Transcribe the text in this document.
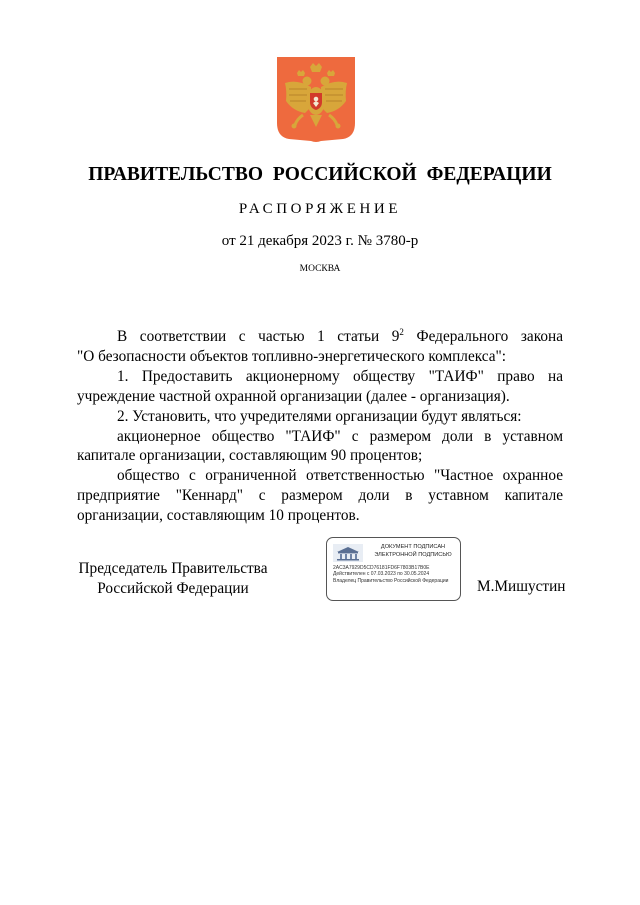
ПРАВИТЕЛЬСТВО РОССИЙСКОЙ ФЕДЕРАЦИИ
РАСПОРЯЖЕНИЕ
от 21 декабря 2023 г. № 3780-р
МОСКВА

В соответствии с частью 1 статьи $9^2$ Федерального закона

"О безопасности объектов топливно-энергетического комплекса":

1. Предоставить акционерному обществу "ТАИФ" право на учреждение частной охранной организации (далее - организация).

2. Установить, что учредителями организации будут являться:

акционерное общество "ТАИФ" с размером доли в уставном капитале организации, составляющим 90 процентов;

общество с ограниченной ответственностью "Частное охранное предприятие "Кеннард" с размером доли в уставном капитале организации, составляющим 10 процентов.

Председатель Правительства
Российской Федерации
ДОКУМЕНТ ПОДПИСАН
ЭЛЕКТРОННОЙ ПОДПИСЬЮ
2AC3A7929D5CD76181FD6F7803B17B0E
Действителен с 07.03.2023 по 30.05.2024
Владелец Правительство Российской Федерации	М.Мишустин
